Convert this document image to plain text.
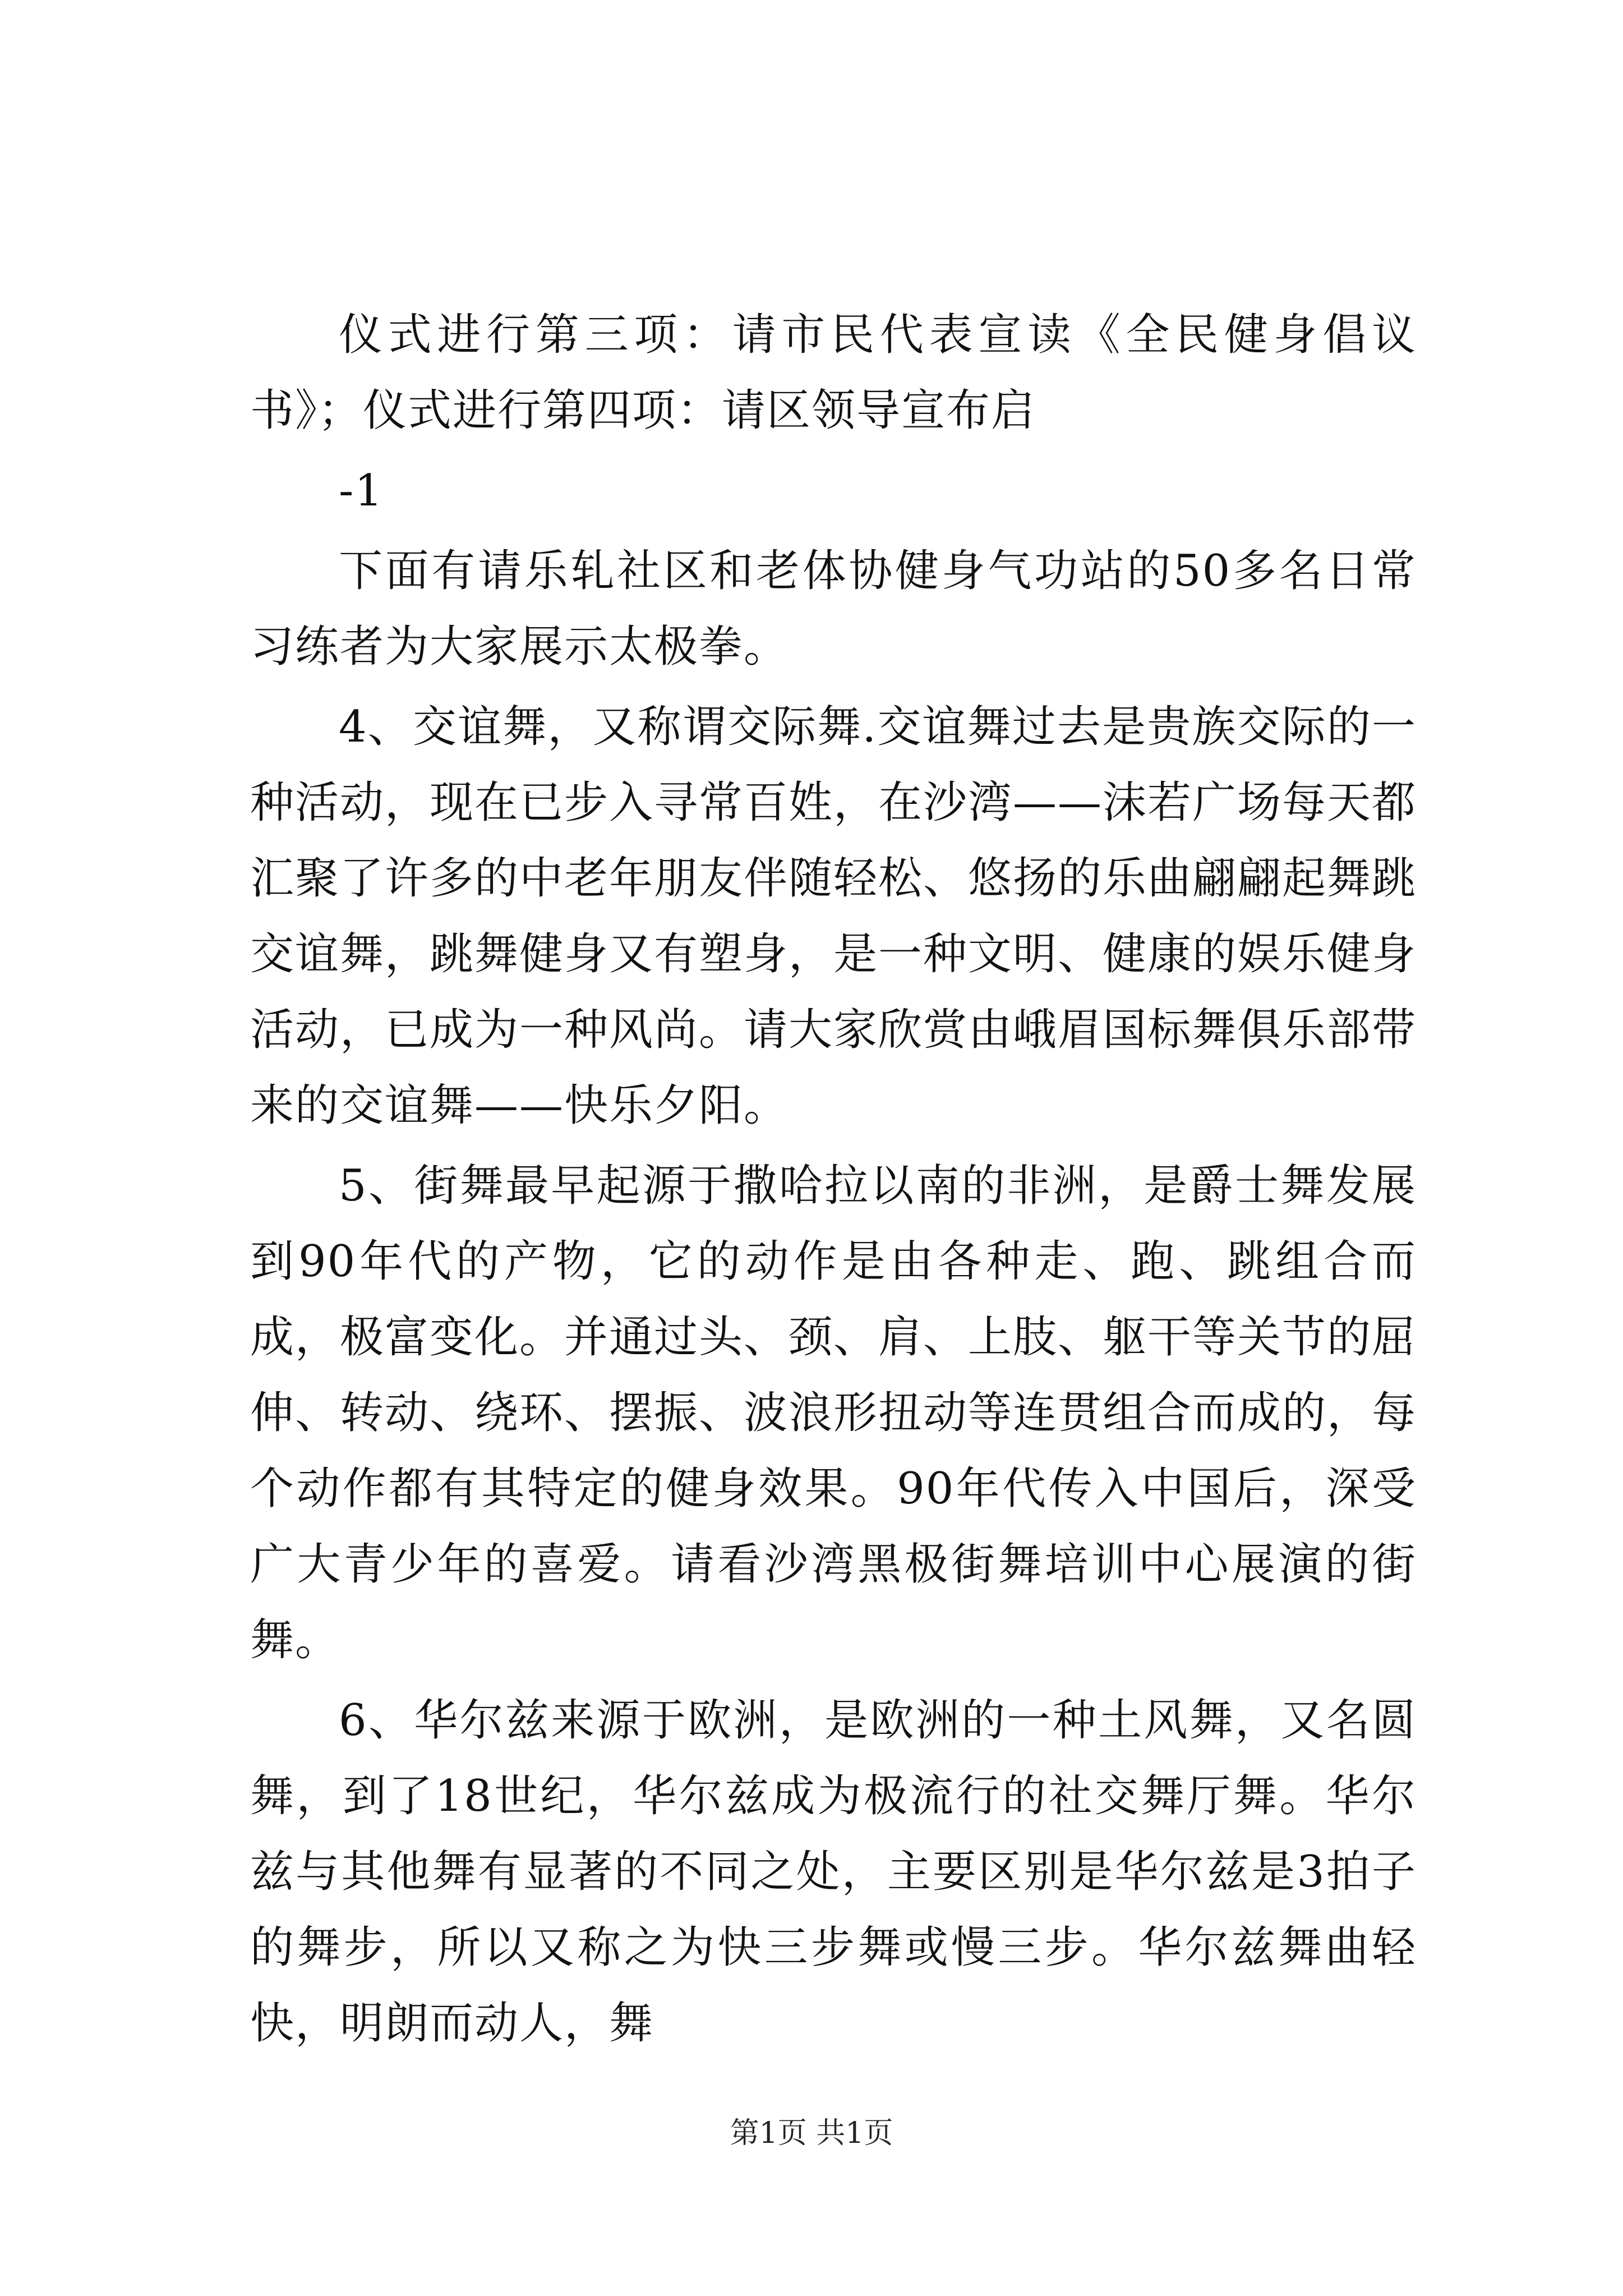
仪式进行第三项：请市民代表宣读《全民健身倡议书》；仪式进行第四项：请区领导宣布启

-1

下面有请乐轧社区和老体协健身气功站的50多名日常习练者为大家展示太极拳。

4、交谊舞，又称谓交际舞.交谊舞过去是贵族交际的一种活动，现在已步入寻常百姓，在沙湾——沫若广场每天都汇聚了许多的中老年朋友伴随轻松、悠扬的乐曲翩翩起舞跳交谊舞，跳舞健身又有塑身，是一种文明、健康的娱乐健身活动，已成为一种风尚。请大家欣赏由峨眉国标舞俱乐部带来的交谊舞——快乐夕阳。

5、街舞最早起源于撒哈拉以南的非洲，是爵士舞发展到90年代的产物，它的动作是由各种走、跑、跳组合而成，极富变化。并通过头、颈、肩、上肢、躯干等关节的屈伸、转动、绕环、摆振、波浪形扭动等连贯组合而成的，每个动作都有其特定的健身效果。90年代传入中国后，深受广大青少年的喜爱。请看沙湾黑极街舞培训中心展演的街舞。

6、华尔兹来源于欧洲，是欧洲的一种土风舞，又名圆舞，到了18世纪，华尔兹成为极流行的社交舞厅舞。华尔兹与其他舞有显著的不同之处，主要区别是华尔兹是3拍子的舞步，所以又称之为快三步舞或慢三步。华尔兹舞曲轻快，明朗而动人，舞

第1页 共1页
